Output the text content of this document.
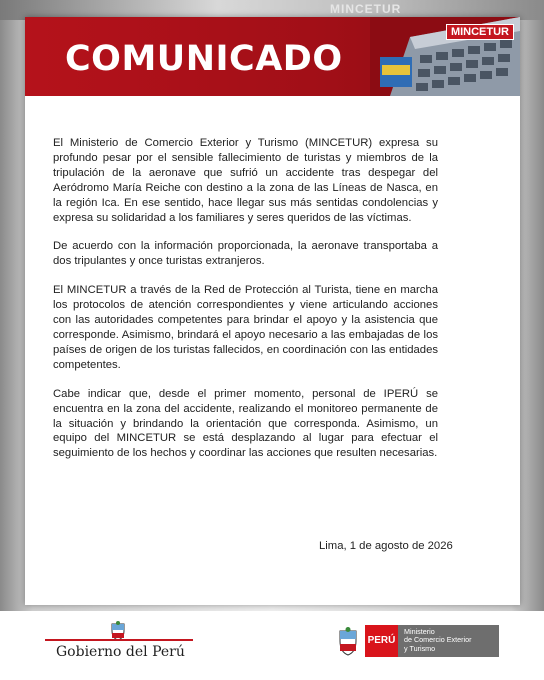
MINCETUR
COMUNICADO
MINCETUR

El Ministerio de Comercio Exterior y Turismo (MINCETUR) expresa su profundo pesar por el sensible fallecimiento de turistas y miembros de la tripulación de la aeronave que sufrió un accidente tras despegar del Aeródromo María Reiche con destino a la zona de las Líneas de Nasca, en la región Ica. En ese sentido, hace llegar sus más sentidas condolencias y expresa su solidaridad a los familiares y seres queridos de las víctimas.

De acuerdo con la información proporcionada, la aeronave transportaba a dos tripulantes y once turistas extranjeros.

El MINCETUR a través de la Red de Protección al Turista, tiene en marcha los protocolos de atención correspondientes y viene articulando acciones con las autoridades competentes para brindar el apoyo y la asistencia que corresponde. Asimismo, brindará el apoyo necesario a las embajadas de los países de origen de los turistas fallecidos, en coordinación con las entidades competentes.

Cabe indicar que, desde el primer momento, personal de IPERÚ se encuentra en la zona del accidente, realizando el monitoreo permanente de la situación y brindando la orientación que corresponda. Asimismo, un equipo del MINCETUR se está desplazando al lugar para efectuar el seguimiento de los hechos y coordinar las acciones que resulten necesarias.

Lima, 1 de agosto de 2026
Gobierno del Perú
PERÚ
Ministerio
de Comercio Exterior
y Turismo
